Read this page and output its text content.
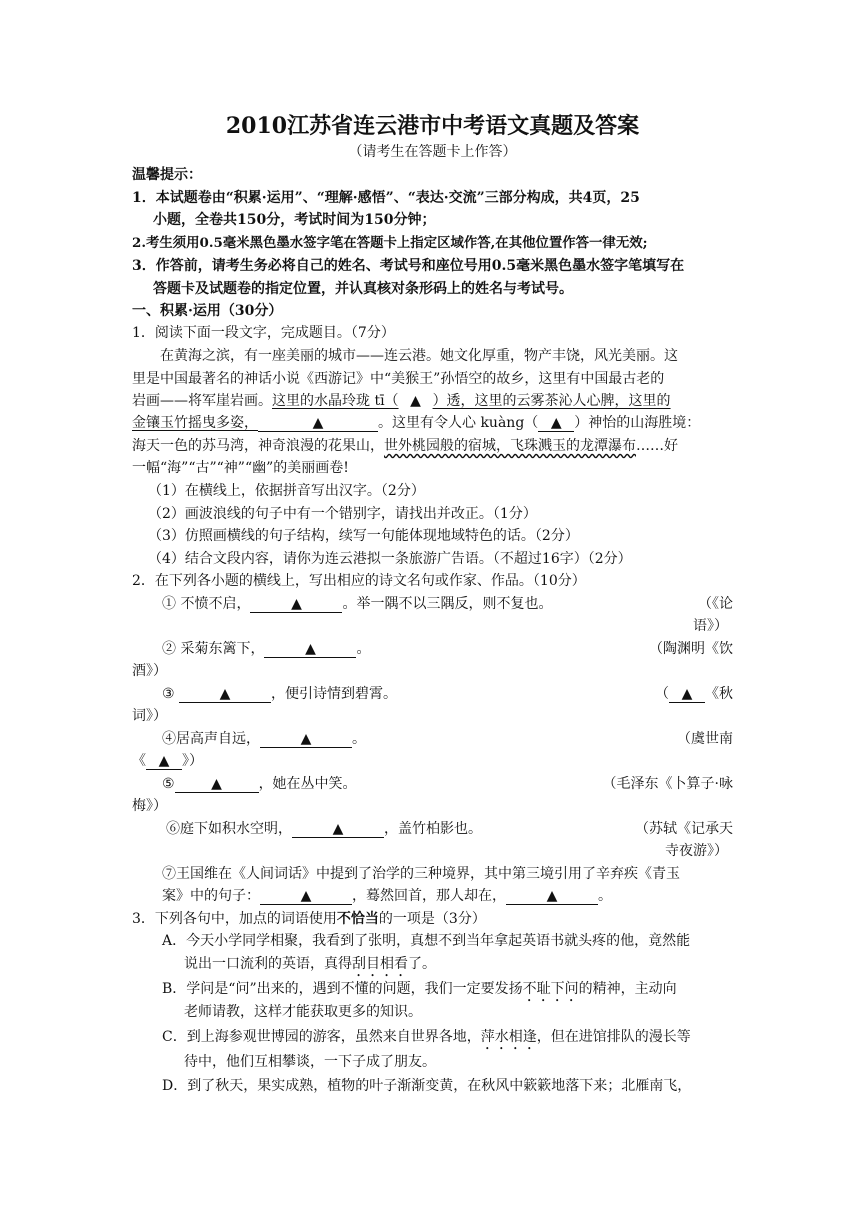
2010江苏省连云港市中考语文真题及答案
（请考生在答题卡上作答）
温馨提示：
1．本试题卷由“积累·运用”、“理解·感悟”、“表达·交流”三部分构成，共4页，25
小题，全卷共150分，考试时间为150分钟；
2.考生须用0.5毫米黑色墨水签字笔在答题卡上指定区域作答,在其他位置作答一律无效;
3．作答前，请考生务必将自己的姓名、考试号和座位号用0.5毫米黑色墨水签字笔填写在
答题卡及试题卷的指定位置，并认真核对条形码上的姓名与考试号。
一、积累·运用（30分）
1．阅读下面一段文字，完成题目。（7分）
在黄海之滨，有一座美丽的城市——连云港。她文化厚重，物产丰饶，风光美丽。这
里是中国最著名的神话小说《西游记》中“美猴王”孙悟空的故乡，这里有中国最古老的
岩画——将军崖岩画。这里的水晶玲珑 tī（ ▲ ）透，这里的云雾茶沁人心脾，这里的
金镶玉竹摇曳多姿，	▲	。这里有令人心 kuàng（ ▲ ）神怡的山海胜境：
海天一色的苏马湾，神奇浪漫的花果山，世外桃园般的宿城，飞珠溅玉的龙潭瀑布……好
一幅“海”“古”“神”“幽”的美丽画卷!
（1）在横线上，依据拼音写出汉字。（2分）
（2）画波浪线的句子中有一个错别字，请找出并改正。（1分）
（3）仿照画横线的句子结构，续写一句能体现地域特色的话。（2分）
（4）结合文段内容，请你为连云港拟一条旅游广告语。（不超过16字）（2分）
2．在下列各小题的横线上，写出相应的诗文名句或作家、作品。（10分）
① 不愤不启，	▲	。举一隅不以三隅反，则不复也。	（《论
语》）
② 采菊东篱下，	▲	。	（陶渊明《饮
酒》）
③	▲	，便引诗情到碧霄。	（ ▲ 《秋
词》）
④居高声自远，	▲	。	（虞世南
《 ▲ 》）
⑤	▲	，她在丛中笑。	（毛泽东《卜算子·咏
梅》）
⑥庭下如积水空明，	▲	，盖竹柏影也。	（苏轼《记承天
寺夜游》）
⑦王国维在《人间词话》中提到了治学的三种境界，其中第三境引用了辛弃疾《青玉
案》中的句子：	▲	，蓦然回首，那人却在，	▲	。
3．下列各句中，加点的词语使用不恰当的一项是（3分）
A．今天小学同学相聚，我看到了张明，真想不到当年拿起英语书就头疼的他，竟然能
说出一口流利的英语，真得刮目相看了。
B．学问是“问”出来的，遇到不懂的问题，我们一定要发扬不耻下问的精神，主动向
老师请教，这样才能获取更多的知识。
C．到上海参观世博园的游客，虽然来自世界各地，萍水相逢，但在进馆排队的漫长等
待中，他们互相攀谈，一下子成了朋友。
D．到了秋天，果实成熟，植物的叶子渐渐变黄，在秋风中簌簌地落下来；北雁南飞，
